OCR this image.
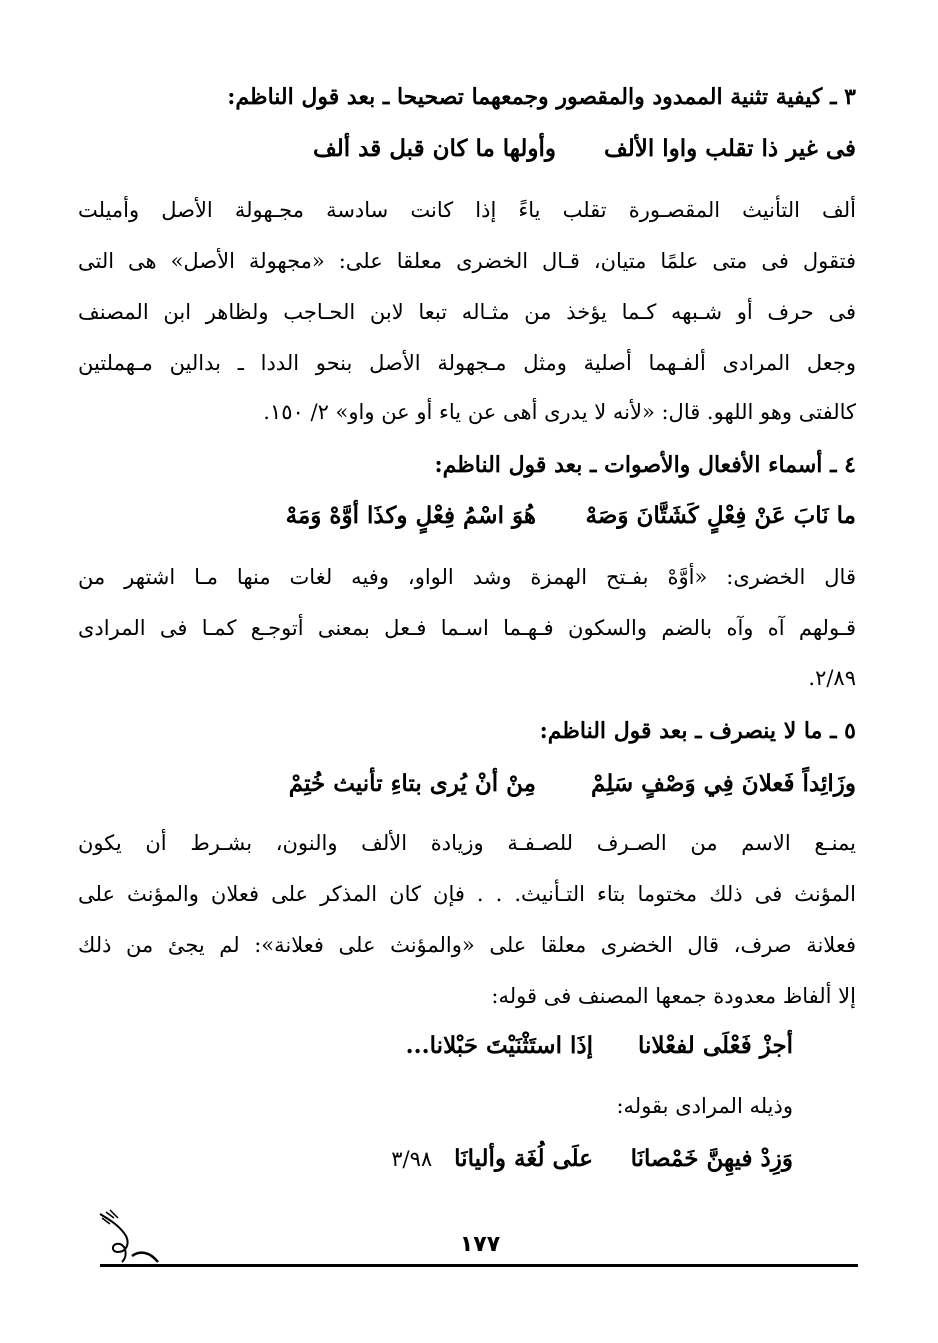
٣ ـ كيفية تثنية الممدود والمقصور وجمعهما تصحيحا ـ بعد قول الناظم:
فى غير ذا تقلب واوا الألف
وأولها ما كان قبل قد ألف
ألف التأنيث المقصـورة تقلب ياءً إذا كانت سادسة مجـهولة الأصل وأميلت
فتقول فى متى علمًا متيان، قـال الخضرى معلقا على: «مجهولة الأصل» هى التى
فى حرف أو شـبهه كـما يؤخذ من مثـاله تبعا لابن الحـاجب ولظاهر ابن المصنف
وجعل المرادى ألفـهما أصلية ومثل مـجهولة الأصل بنحو الددا ـ بدالين مـهملتين
كالفتى وهو اللهو. قال: «لأنه لا يدرى أهى عن ياء أو عن واو» ٢/ ١٥٠.
٤ ـ أسماء الأفعال والأصوات ـ بعد قول الناظم:
ما نَابَ عَنْ فِعْلٍ كَشَتَّانَ وَصَهْ
هُوَ اسْمُ فِعْلٍ وكذَا أوَّهْ وَمَهْ
قال الخضرى: «أوَّهْ بفـتح الهمزة وشد الواو، وفيه لغات منها مـا اشتهر من
قـولهم آه وآه بالضم والسكون فـهـما اسـما فـعل بمعنى أتوجـع كمـا فى المرادى
٢/٨٩.
٥ ـ ما لا ينصرف ـ بعد قول الناظم:
وزَائِداً فَعلانَ فِي وَصْفٍ سَلِمْ
مِنْ أنْ يُرى بتاءِ تأنيث خُتِمْ
يمنـع الاسم من الصـرف للصـفـة وزيادة الألف والنون، بشـرط أن يكون
المؤنث فى ذلك مختوما بتاء التـأنيث. . . فإن كان المذكر على فعلان والمؤنث على
فعلانة صرف، قال الخضرى معلقا على «والمؤنث على فعلانة»: لم يجئ من ذلك
إلا ألفاظ معدودة جمعها المصنف فى قوله:
أجزْ فَعْلَى لفعْلانا
إذَا استَثْنَيْتَ حَبْلانا...
وذيله المرادى بقوله:
وَزِدْ فيهِنَّ خَمْصانَا
علَى لُغَة وأليانَا٣/٩٨
١٧٧
